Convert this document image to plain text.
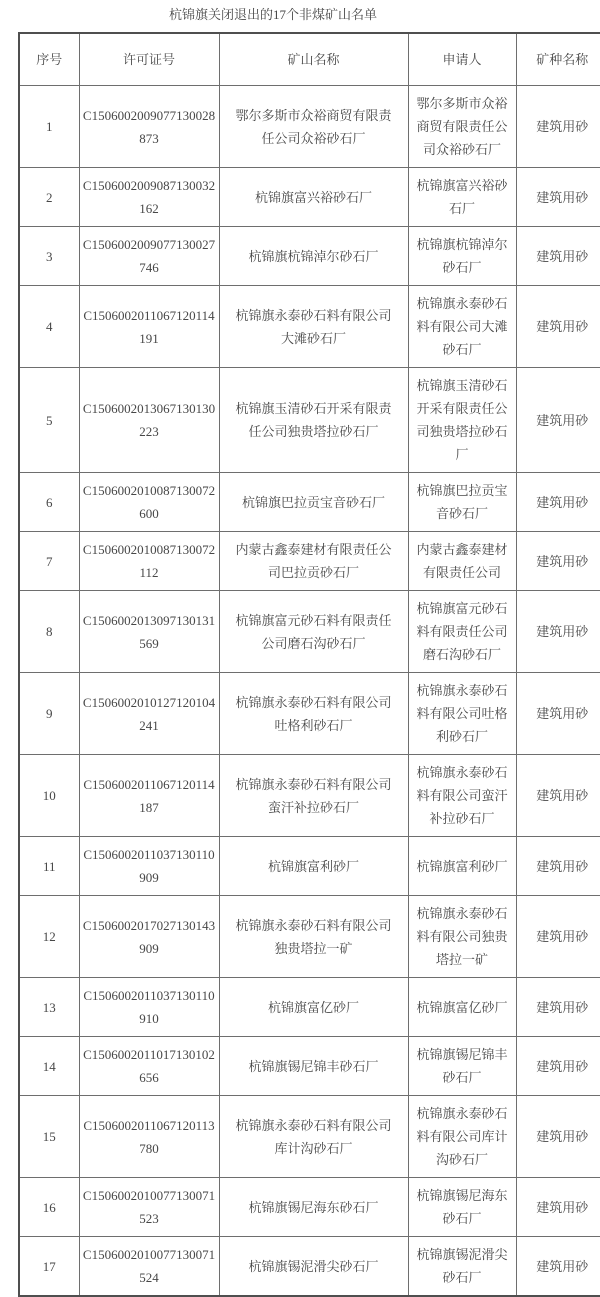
杭锦旗关闭退出的17个非煤矿山名单
序号	许可证号	矿山名称	申请人	矿种名称
1	C1506002009077130028873	鄂尔多斯市众裕商贸有限责任公司众裕砂石厂	鄂尔多斯市众裕商贸有限责任公司众裕砂石厂	建筑用砂
2	C1506002009087130032162	杭锦旗富兴裕砂石厂	杭锦旗富兴裕砂石厂	建筑用砂
3	C1506002009077130027746	杭锦旗杭锦淖尔砂石厂	杭锦旗杭锦淖尔砂石厂	建筑用砂
4	C1506002011067120114191	杭锦旗永泰砂石料有限公司大滩砂石厂	杭锦旗永泰砂石料有限公司大滩砂石厂	建筑用砂
5	C1506002013067130130223	杭锦旗玉清砂石开采有限责任公司独贵塔拉砂石厂	杭锦旗玉清砂石开采有限责任公司独贵塔拉砂石厂	建筑用砂
6	C1506002010087130072600	杭锦旗巴拉贡宝音砂石厂	杭锦旗巴拉贡宝音砂石厂	建筑用砂
7	C1506002010087130072112	内蒙古鑫泰建材有限责任公司巴拉贡砂石厂	内蒙古鑫泰建材有限责任公司	建筑用砂
8	C1506002013097130131569	杭锦旗富元砂石料有限责任公司磨石沟砂石厂	杭锦旗富元砂石料有限责任公司磨石沟砂石厂	建筑用砂
9	C1506002010127120104241	杭锦旗永泰砂石料有限公司吐格利砂石厂	杭锦旗永泰砂石料有限公司吐格利砂石厂	建筑用砂
10	C1506002011067120114187	杭锦旗永泰砂石料有限公司蛮汗补拉砂石厂	杭锦旗永泰砂石料有限公司蛮汗补拉砂石厂	建筑用砂
11	C1506002011037130110909	杭锦旗富利砂厂	杭锦旗富利砂厂	建筑用砂
12	C1506002017027130143909	杭锦旗永泰砂石料有限公司独贵塔拉一矿	杭锦旗永泰砂石料有限公司独贵塔拉一矿	建筑用砂
13	C1506002011037130110910	杭锦旗富亿砂厂	杭锦旗富亿砂厂	建筑用砂
14	C1506002011017130102656	杭锦旗锡尼锦丰砂石厂	杭锦旗锡尼锦丰砂石厂	建筑用砂
15	C1506002011067120113780	杭锦旗永泰砂石料有限公司库计沟砂石厂	杭锦旗永泰砂石料有限公司库计沟砂石厂	建筑用砂
16	C1506002010077130071523	杭锦旗锡尼海东砂石厂	杭锦旗锡尼海东砂石厂	建筑用砂
17	C1506002010077130071524	杭锦旗锡泥滑尖砂石厂	杭锦旗锡泥滑尖砂石厂	建筑用砂
